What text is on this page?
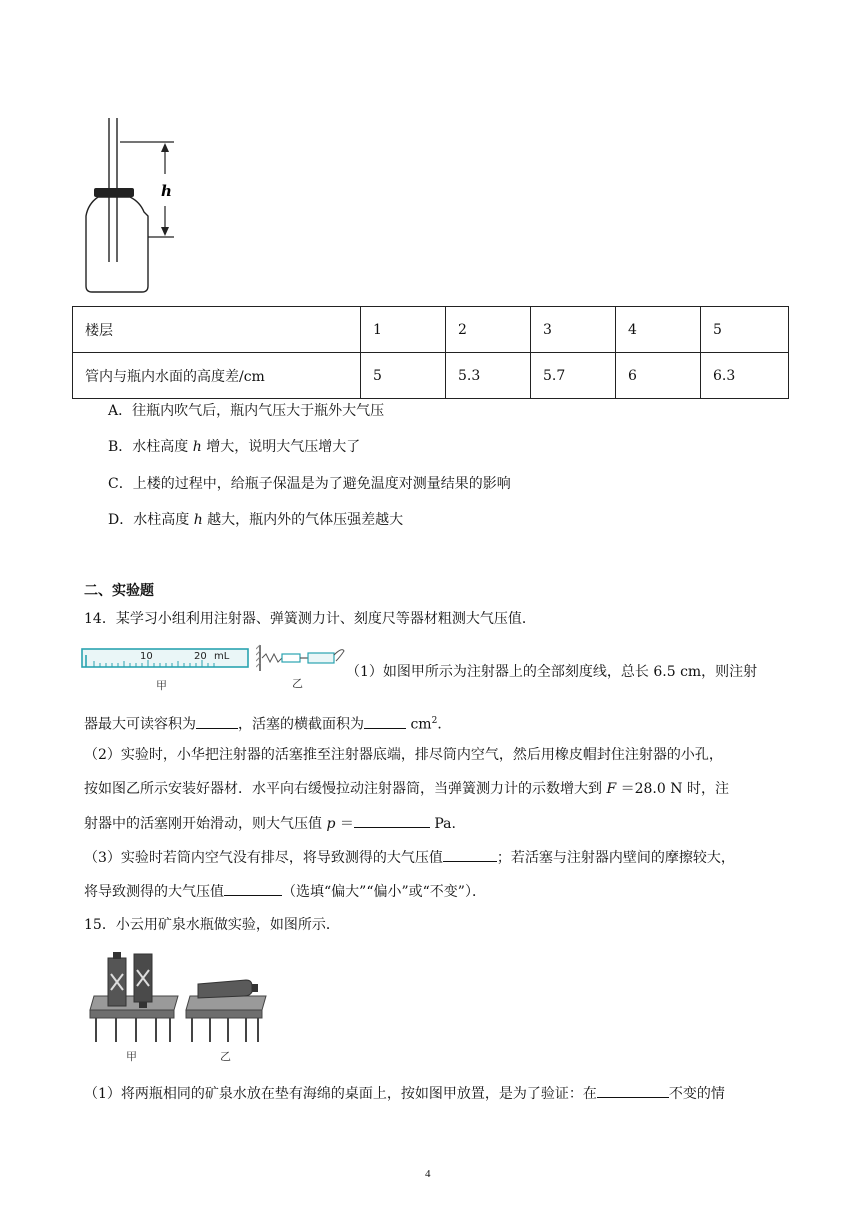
h
楼层	1	2	3	4	5
管内与瓶内水面的高度差/cm	5	5.3	5.7	6	6.3
A．往瓶内吹气后，瓶内气压大于瓶外大气压
B．水柱高度 h 增大，说明大气压增大了
C．上楼的过程中，给瓶子保温是为了避免温度对测量结果的影响
D．水柱高度 h 越大，瓶内外的气体压强差越大
二、实验题
14．某学习小组利用注射器、弹簧测力计、刻度尺等器材粗测大气压值．
10	20 mL
甲	乙
（1）如图甲所示为注射器上的全部刻度线，总长 6.5 cm，则注射
器最大可读容积为	，活塞的横截面积为	$cm^2$．
（2）实验时，小华把注射器的活塞推至注射器底端，排尽筒内空气，然后用橡皮帽封住注射器的小孔，
按如图乙所示安装好器材．水平向右缓慢拉动注射器筒，当弹簧测力计的示数增大到 F ＝28.0 N 时，注
射器中的活塞刚开始滑动，则大气压值 p ＝	Pa.
（3）实验时若筒内空气没有排尽，将导致测得的大气压值	；若活塞与注射器内壁间的摩擦较大，
将导致测得的大气压值	（选填“偏大”“偏小”或“不变”）．
15．小云用矿泉水瓶做实验，如图所示．
甲	乙
（1）将两瓶相同的矿泉水放在垫有海绵的桌面上，按如图甲放置，是为了验证：在	不变的情
4
